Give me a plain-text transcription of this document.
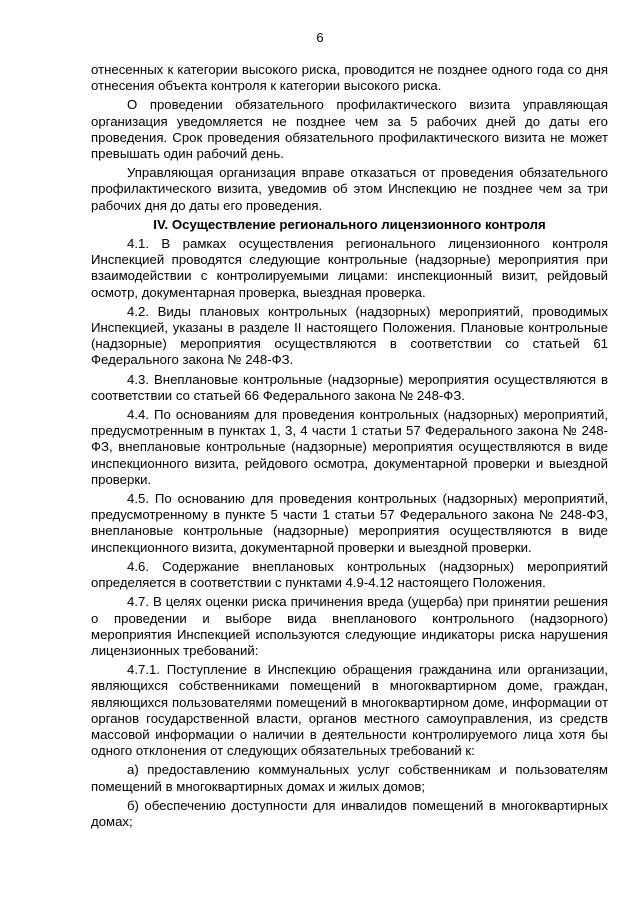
6

отнесенных к категории высокого риска, проводится не позднее одного года со дня отнесения объекта контроля к категории высокого риска.

О проведении обязательного профилактического визита управляющая организация уведомляется не позднее чем за 5 рабочих дней до даты его проведения. Срок проведения обязательного профилактического визита не может превышать один рабочий день.

Управляющая организация вправе отказаться от проведения обязательного профилактического визита, уведомив об этом Инспекцию не позднее чем за три рабочих дня до даты его проведения.

IV. Осуществление регионального лицензионного контроля

4.1. В рамках осуществления регионального лицензионного контроля Инспекцией проводятся следующие контрольные (надзорные) мероприятия при взаимодействии с контролируемыми лицами: инспекционный визит, рейдовый осмотр, документарная проверка, выездная проверка.

4.2. Виды плановых контрольных (надзорных) мероприятий, проводимых Инспекцией, указаны в разделе II настоящего Положения. Плановые контрольные (надзорные) мероприятия осуществляются в соответствии со статьей 61 Федерального закона № 248-ФЗ.

4.3. Внеплановые контрольные (надзорные) мероприятия осуществляются в соответствии со статьей 66 Федерального закона № 248-ФЗ.

4.4. По основаниям для проведения контрольных (надзорных) мероприятий, предусмотренным в пунктах 1, 3, 4 части 1 статьи 57 Федерального закона № 248-ФЗ, внеплановые контрольные (надзорные) мероприятия осуществляются в виде инспекционного визита, рейдового осмотра, документарной проверки и выездной проверки.

4.5. По основанию для проведения контрольных (надзорных) мероприятий, предусмотренному в пункте 5 части 1 статьи 57 Федерального закона № 248-ФЗ, внеплановые контрольные (надзорные) мероприятия осуществляются в виде инспекционного визита, документарной проверки и выездной проверки.

4.6. Содержание внеплановых контрольных (надзорных) мероприятий определяется в соответствии с пунктами 4.9-4.12 настоящего Положения.

4.7. В целях оценки риска причинения вреда (ущерба) при принятии решения о проведении и выборе вида внепланового контрольного (надзорного) мероприятия Инспекцией используются следующие индикаторы риска нарушения лицензионных требований:

4.7.1. Поступление в Инспекцию обращения гражданина или организации, являющихся собственниками помещений в многоквартирном доме, граждан, являющихся пользователями помещений в многоквартирном доме, информации от органов государственной власти, органов местного самоуправления, из средств массовой информации о наличии в деятельности контролируемого лица хотя бы одного отклонения от следующих обязательных требований к:

а) предоставлению коммунальных услуг собственникам и пользователям помещений в многоквартирных домах и жилых домов;

б) обеспечению доступности для инвалидов помещений в многоквартирных домах;
